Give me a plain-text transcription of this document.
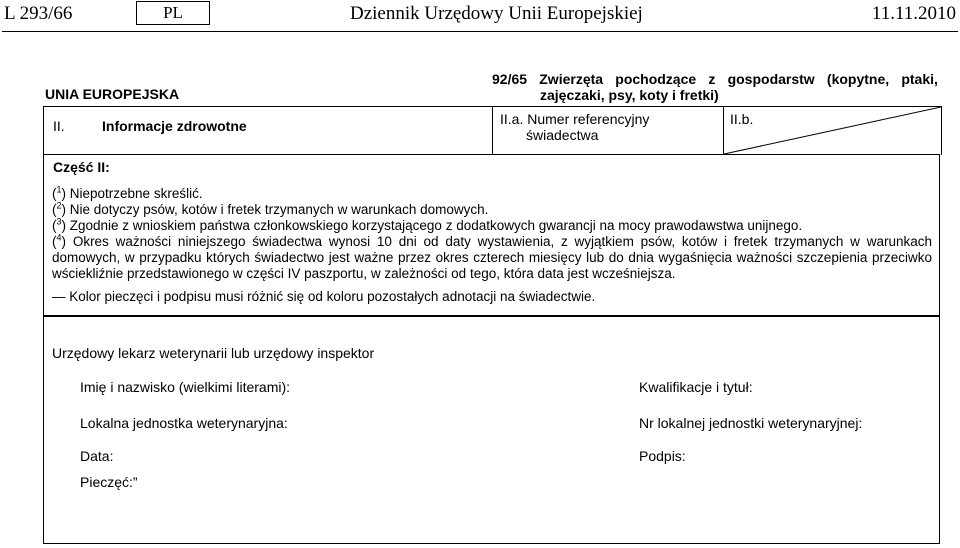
L 293/66	PL	Dziennik Urzędowy Unii Europejskiej	11.11.2010
UNIA EUROPEJSKA
92/65 Zwierzęta pochodzące z gospodarstw (kopytne, ptaki,
zajęczaki, psy, koty i fretki)
II.	Informacje zdrowotne	II.a. Numer referencyjny
świadectwa
II.b.
Część II:
($^1$) Niepotrzebne skreślić.
($^2$) Nie dotyczy psów, kotów i fretek trzymanych w warunkach domowych.
($^3$) Zgodnie z wnioskiem państwa członkowskiego korzystającego z dodatkowych gwarancji na mocy prawodawstwa unijnego.
($^4$) Okres ważności niniejszego świadectwa wynosi 10 dni od daty wystawienia, z wyjątkiem psów, kotów i fretek trzymanych w warunkach domowych, w przypadku których świadectwo jest ważne przez okres czterech miesięcy lub do dnia wygaśnięcia ważności szczepienia przeciwko wściekliźnie przedstawionego w części IV paszportu, w zależności od tego, która data jest wcześniejsza.
— Kolor pieczęci i podpisu musi różnić się od koloru pozostałych adnotacji na świadectwie.
Urzędowy lekarz weterynarii lub urzędowy inspektor
Imię i nazwisko (wielkimi literami):	Kwalifikacje i tytuł:
Lokalna jednostka weterynaryjna:	Nr lokalnej jednostki weterynaryjnej:
Data:	Podpis:
Pieczęć:”
